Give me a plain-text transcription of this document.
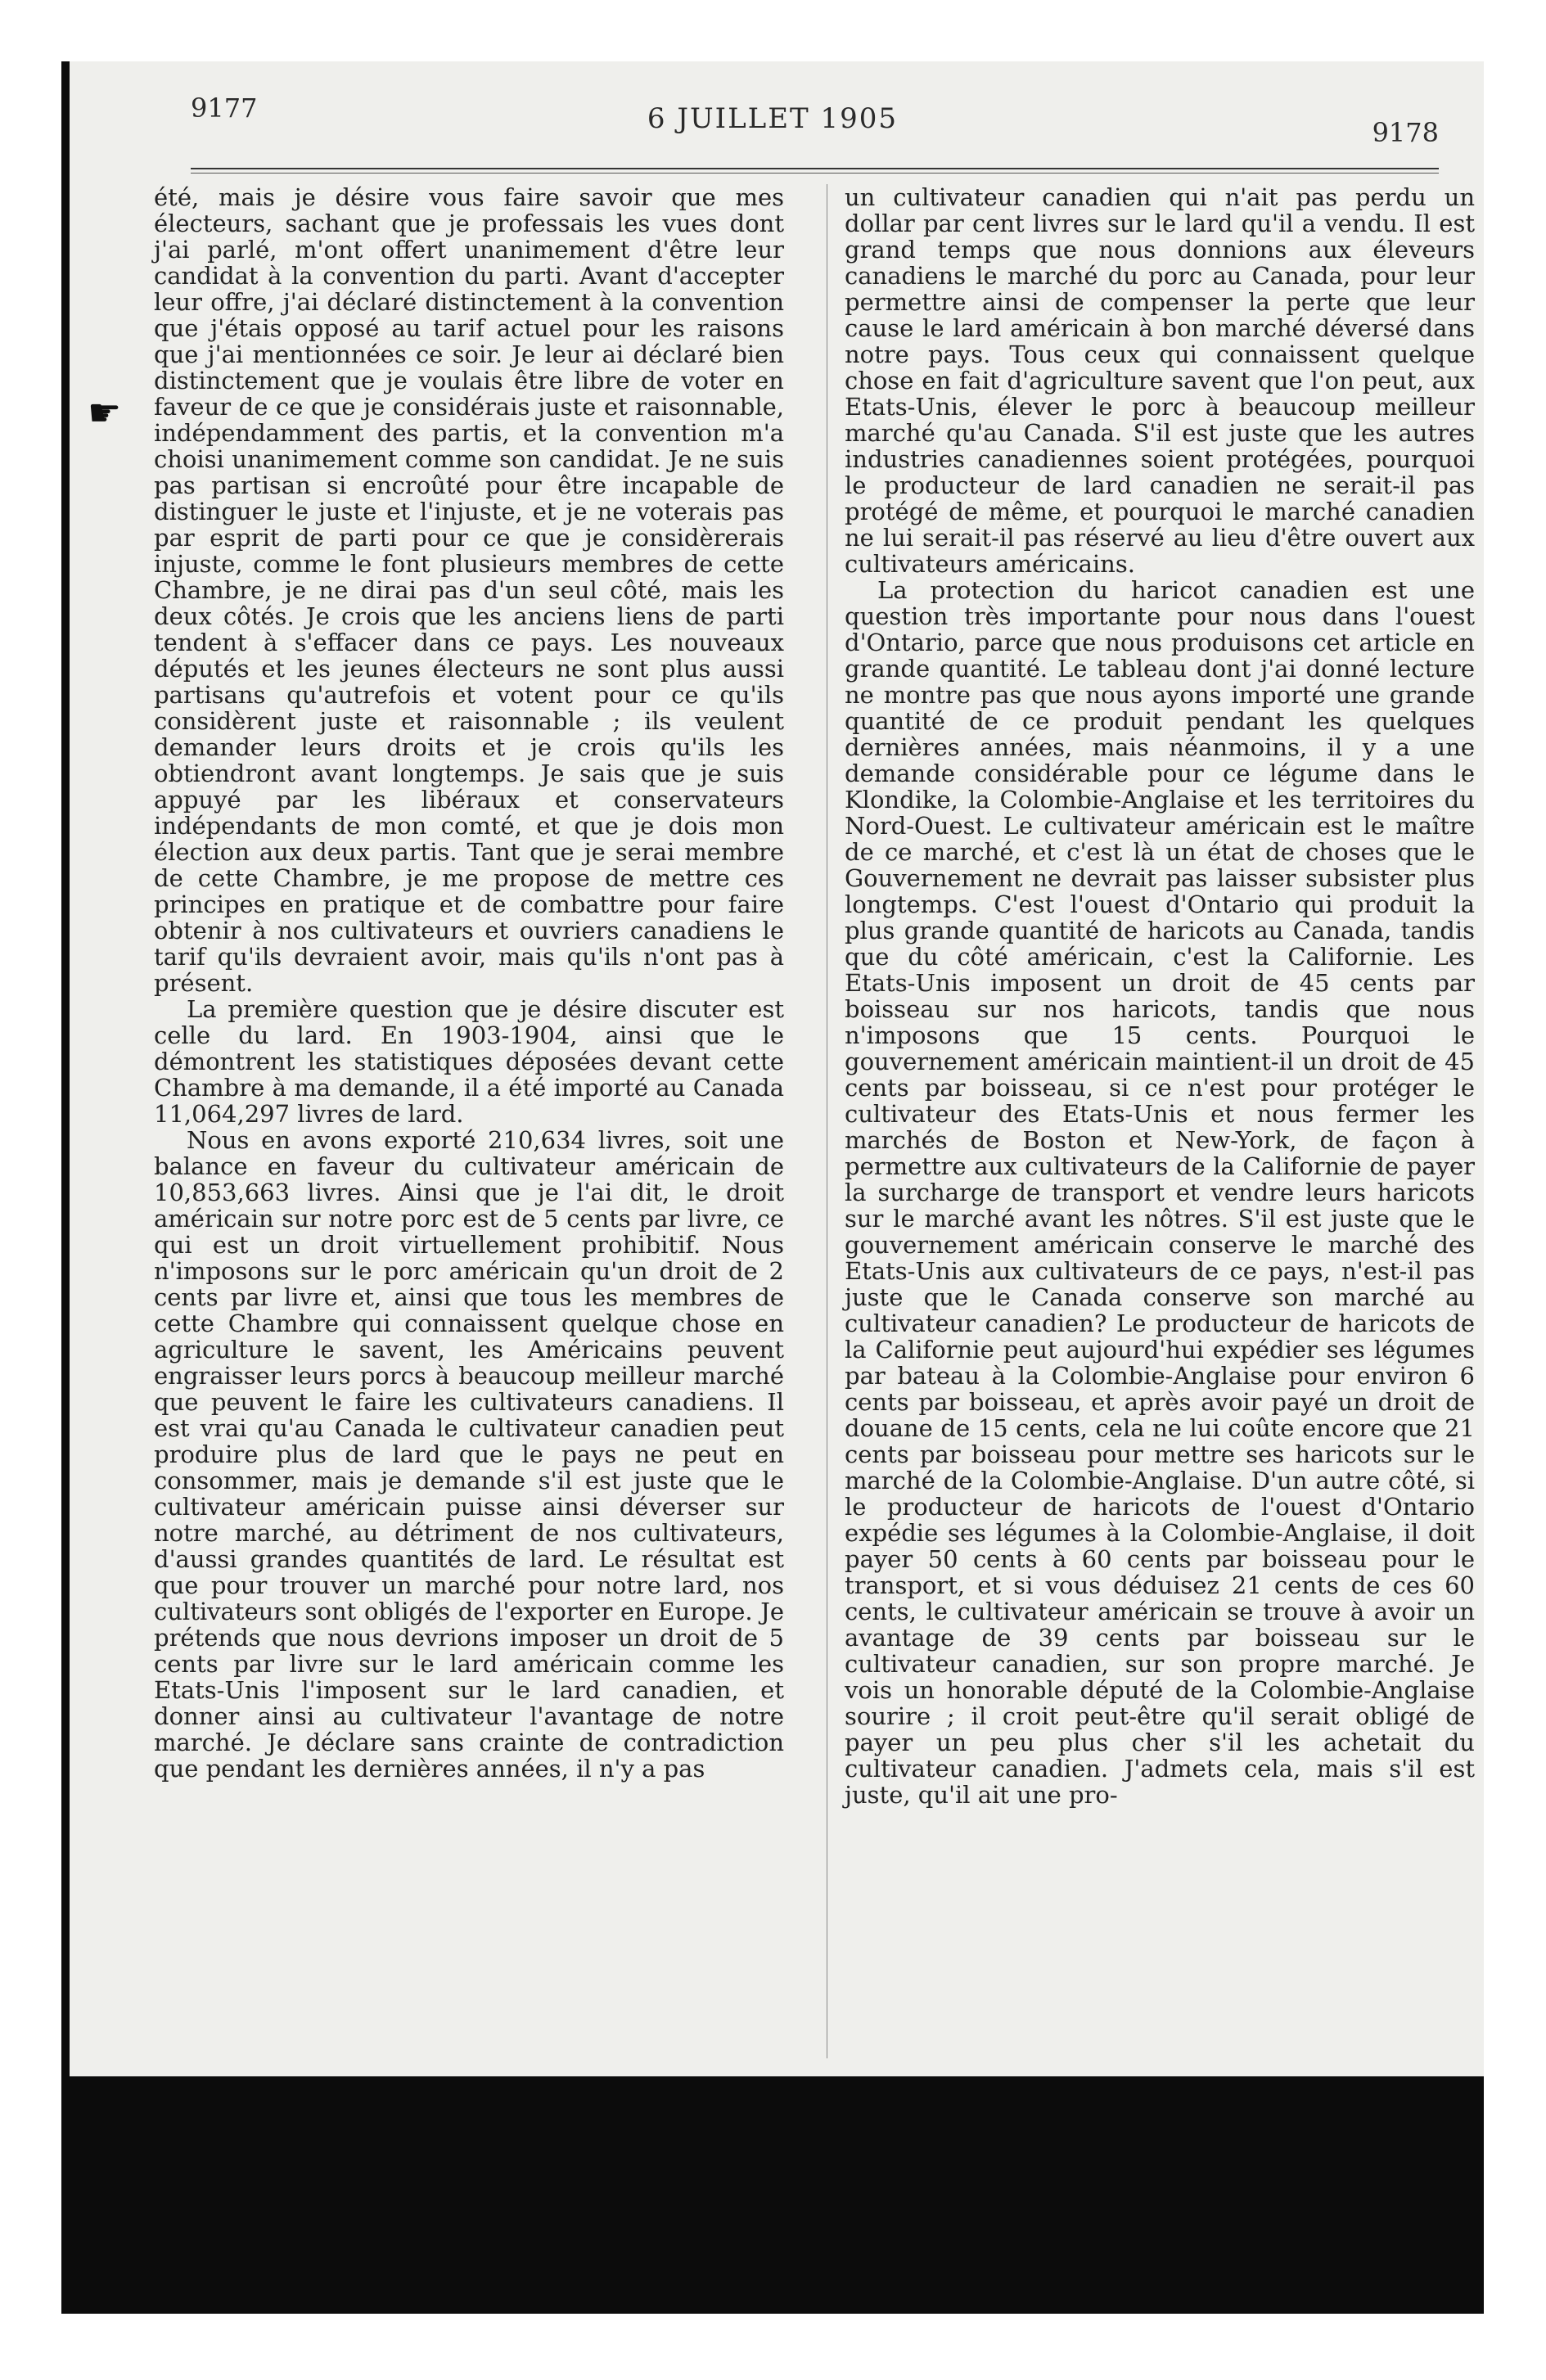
9177	6 JUILLET 1905	9178
☛

été, mais je désire vous faire savoir que mes électeurs, sachant que je professais les vues dont j'ai parlé, m'ont offert unanimement d'être leur candidat à la convention du parti. Avant d'accepter leur offre, j'ai déclaré distinctement à la convention que j'étais opposé au tarif actuel pour les raisons que j'ai mentionnées ce soir. Je leur ai déclaré bien distinctement que je voulais être libre de voter en faveur de ce que je considérais juste et raisonnable, indépendamment des partis, et la convention m'a choisi unanimement comme son candidat. Je ne suis pas partisan si encroûté pour être incapable de distinguer le juste et l'injuste, et je ne voterais pas par esprit de parti pour ce que je considèrerais injuste, comme le font plusieurs membres de cette Chambre, je ne dirai pas d'un seul côté, mais les deux côtés. Je crois que les anciens liens de parti tendent à s'effacer dans ce pays. Les nouveaux députés et les jeunes électeurs ne sont plus aussi partisans qu'autrefois et votent pour ce qu'ils considèrent juste et raisonnable ; ils veulent demander leurs droits et je crois qu'ils les obtiendront avant longtemps. Je sais que je suis appuyé par les libéraux et conservateurs indépendants de mon comté, et que je dois mon élection aux deux partis. Tant que je serai membre de cette Chambre, je me propose de mettre ces principes en pratique et de combattre pour faire obtenir à nos cultivateurs et ouvriers canadiens le tarif qu'ils devraient avoir, mais qu'ils n'ont pas à présent.

La première question que je désire discuter est celle du lard. En 1903-1904, ainsi que le démontrent les statistiques déposées devant cette Chambre à ma demande, il a été importé au Canada 11,064,297 livres de lard.

Nous en avons exporté 210,634 livres, soit une balance en faveur du cultivateur américain de 10,853,663 livres. Ainsi que je l'ai dit, le droit américain sur notre porc est de 5 cents par livre, ce qui est un droit virtuellement prohibitif. Nous n'imposons sur le porc américain qu'un droit de 2 cents par livre et, ainsi que tous les membres de cette Chambre qui connaissent quelque chose en agriculture le savent, les Américains peuvent engraisser leurs porcs à beaucoup meilleur marché que peuvent le faire les cultivateurs canadiens. Il est vrai qu'au Canada le cultivateur canadien peut produire plus de lard que le pays ne peut en consommer, mais je demande s'il est juste que le cultivateur américain puisse ainsi déverser sur notre marché, au détriment de nos cultivateurs, d'aussi grandes quantités de lard. Le résultat est que pour trouver un marché pour notre lard, nos cultivateurs sont obligés de l'exporter en Europe. Je prétends que nous devrions imposer un droit de 5 cents par livre sur le lard américain comme les Etats-Unis l'imposent sur le lard canadien, et donner ainsi au cultivateur l'avantage de notre marché. Je déclare sans crainte de contradiction que pendant les dernières années, il n'y a pas

un cultivateur canadien qui n'ait pas perdu un dollar par cent livres sur le lard qu'il a vendu. Il est grand temps que nous donnions aux éleveurs canadiens le marché du porc au Canada, pour leur permettre ainsi de compenser la perte que leur cause le lard américain à bon marché déversé dans notre pays. Tous ceux qui connaissent quelque chose en fait d'agriculture savent que l'on peut, aux Etats-Unis, élever le porc à beaucoup meilleur marché qu'au Canada. S'il est juste que les autres industries canadiennes soient protégées, pourquoi le producteur de lard canadien ne serait-il pas protégé de même, et pourquoi le marché canadien ne lui serait-il pas réservé au lieu d'être ouvert aux cultivateurs américains.

La protection du haricot canadien est une question très importante pour nous dans l'ouest d'Ontario, parce que nous produisons cet article en grande quantité. Le tableau dont j'ai donné lecture ne montre pas que nous ayons importé une grande quantité de ce produit pendant les quelques dernières années, mais néanmoins, il y a une demande considérable pour ce légume dans le Klondike, la Colombie-Anglaise et les territoires du Nord-Ouest. Le cultivateur américain est le maître de ce marché, et c'est là un état de choses que le Gouvernement ne devrait pas laisser subsister plus longtemps. C'est l'ouest d'Ontario qui produit la plus grande quantité de haricots au Canada, tandis que du côté américain, c'est la Californie. Les Etats-Unis imposent un droit de 45 cents par boisseau sur nos haricots, tandis que nous n'imposons que 15 cents. Pourquoi le gouvernement américain maintient-il un droit de 45 cents par boisseau, si ce n'est pour protéger le cultivateur des Etats-Unis et nous fermer les marchés de Boston et New-York, de façon à permettre aux cultivateurs de la Californie de payer la surcharge de transport et vendre leurs haricots sur le marché avant les nôtres. S'il est juste que le gouvernement américain conserve le marché des Etats-Unis aux cultivateurs de ce pays, n'est-il pas juste que le Canada conserve son marché au cultivateur canadien? Le producteur de haricots de la Californie peut aujourd'hui expédier ses légumes par bateau à la Colombie-Anglaise pour environ 6 cents par boisseau, et après avoir payé un droit de douane de 15 cents, cela ne lui coûte encore que 21 cents par boisseau pour mettre ses haricots sur le marché de la Colombie-Anglaise. D'un autre côté, si le producteur de haricots de l'ouest d'Ontario expédie ses légumes à la Colombie-Anglaise, il doit payer 50 cents à 60 cents par boisseau pour le transport, et si vous déduisez 21 cents de ces 60 cents, le cultivateur américain se trouve à avoir un avantage de 39 cents par boisseau sur le cultivateur canadien, sur son propre marché. Je vois un honorable député de la Colombie-Anglaise sourire ; il croit peut-être qu'il serait obligé de payer un peu plus cher s'il les achetait du cultivateur canadien. J'admets cela, mais s'il est juste, qu'il ait une pro-
